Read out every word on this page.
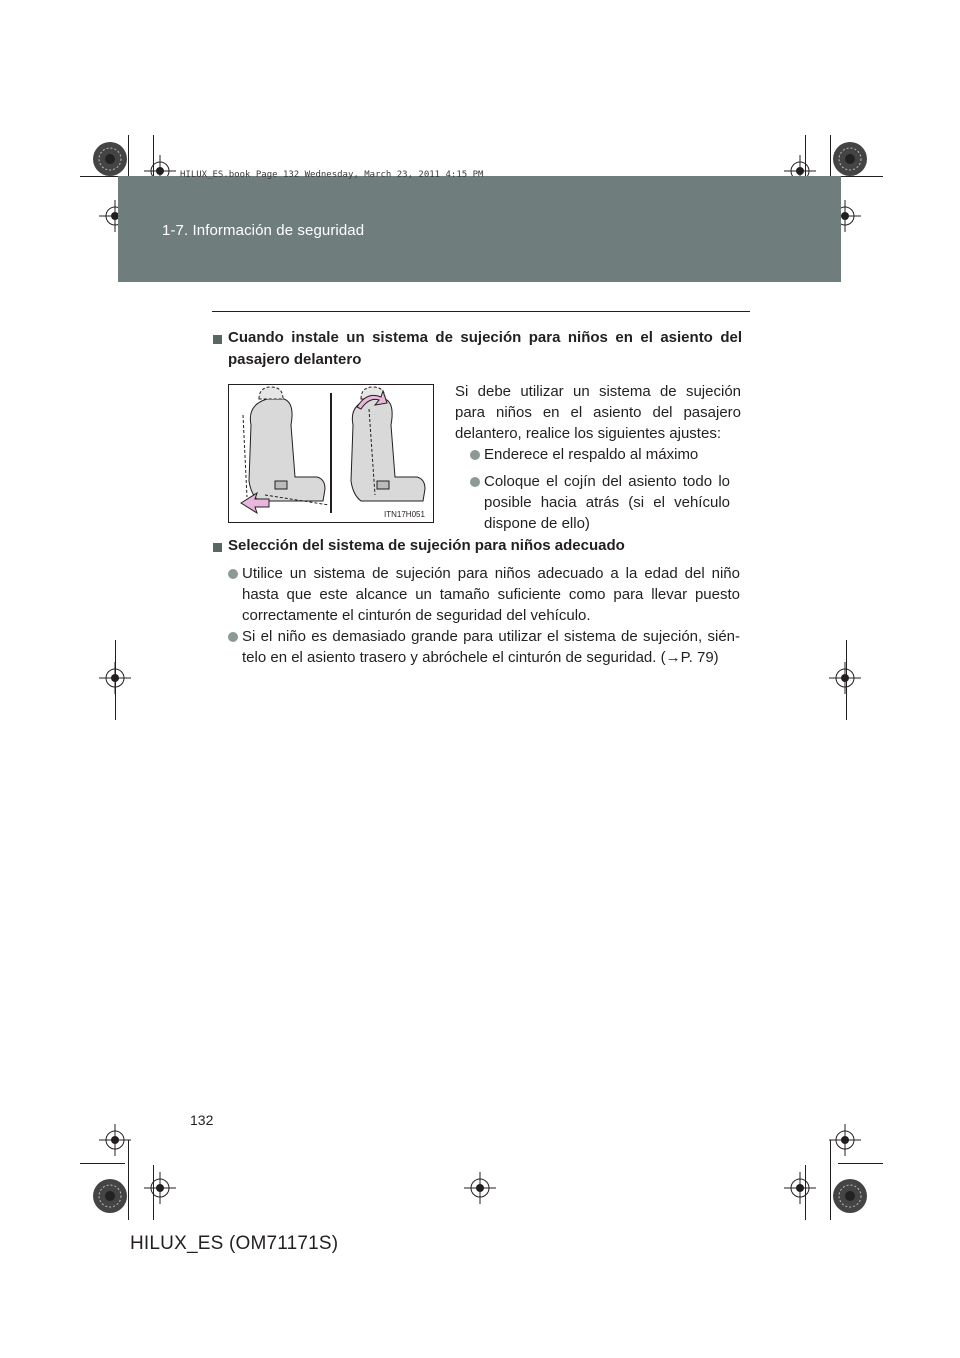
HILUX_ES.book Page 132 Wednesday, March 23, 2011 4:15 PM
1-7. Información de seguridad
Cuando instale un sistema de sujeción para niños en el asiento del
pasajero delantero
ITN17H051
Si debe utilizar un sistema de sujeción
para niños en el asiento del pasajero
delantero, realice los siguientes ajustes:
Enderece el respaldo al máximo
Coloque el cojín del asiento todo lo
posible hacia atrás (si el vehículo
dispone de ello)
Selección del sistema de sujeción para niños adecuado
Utilice un sistema de sujeción para niños adecuado a la edad del niño
hasta que este alcance un tamaño suficiente como para llevar puesto
correctamente el cinturón de seguridad del vehículo.
Si el niño es demasiado grande para utilizar el sistema de sujeción, sién-
telo en el asiento trasero y abróchele el cinturón de seguridad. (→P. 79)
132
HILUX_ES (OM71171S)
